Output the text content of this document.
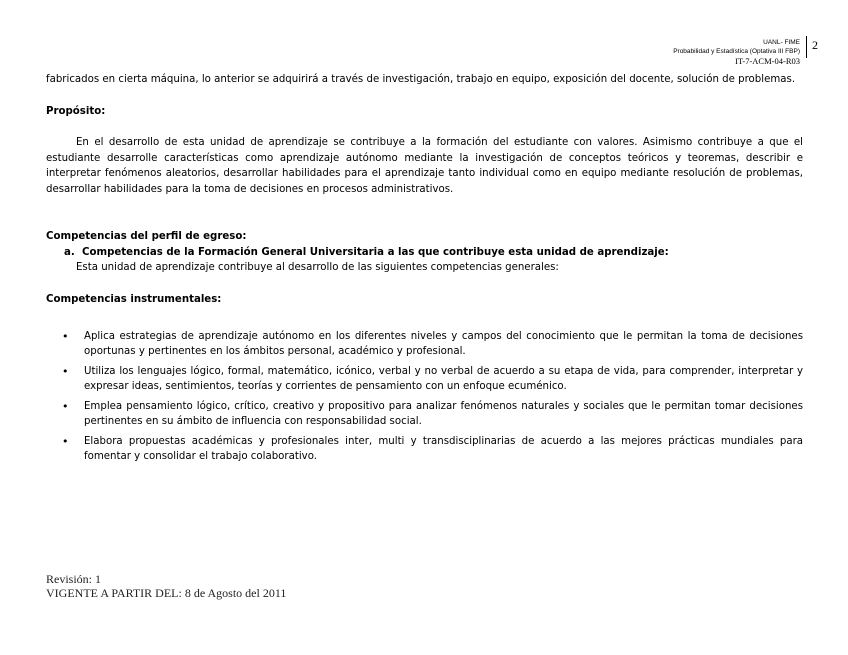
UANL- FIME
Probabilidad y Estadística (Optativa III FBP)
IT-7-ACM-04-R03
2

fabricados en cierta máquina, lo anterior se adquirirá a través de investigación, trabajo en equipo, exposición del docente, solución de problemas.

Propósito:

En el desarrollo de esta unidad de aprendizaje se contribuye a la formación del estudiante con valores. Asimismo contribuye a que el estudiante desarrolle características como aprendizaje autónomo mediante la investigación de conceptos teóricos y teoremas, describir e interpretar fenómenos aleatorios, desarrollar habilidades para el aprendizaje tanto individual como en equipo mediante resolución de problemas, desarrollar habilidades para la toma de decisiones en procesos administrativos.

Competencias del perfil de egreso:

a. Competencias de la Formación General Universitaria a las que contribuye esta unidad de aprendizaje:

Esta unidad de aprendizaje contribuye al desarrollo de las siguientes competencias generales:

Competencias instrumentales:

• Aplica estrategias de aprendizaje autónomo en los diferentes niveles y campos del conocimiento que le permitan la toma de decisiones oportunas y pertinentes en los ámbitos personal, académico y profesional.
• Utiliza los lenguajes lógico, formal, matemático, icónico, verbal y no verbal de acuerdo a su etapa de vida, para comprender, interpretar y expresar ideas, sentimientos, teorías y corrientes de pensamiento con un enfoque ecuménico.
• Emplea pensamiento lógico, crítico, creativo y propositivo para analizar fenómenos naturales y sociales que le permitan tomar decisiones pertinentes en su ámbito de influencia con responsabilidad social.
• Elabora propuestas académicas y profesionales inter, multi y transdisciplinarias de acuerdo a las mejores prácticas mundiales para fomentar y consolidar el trabajo colaborativo.
Revisión: 1
VIGENTE A PARTIR DEL: 8 de Agosto del 2011
